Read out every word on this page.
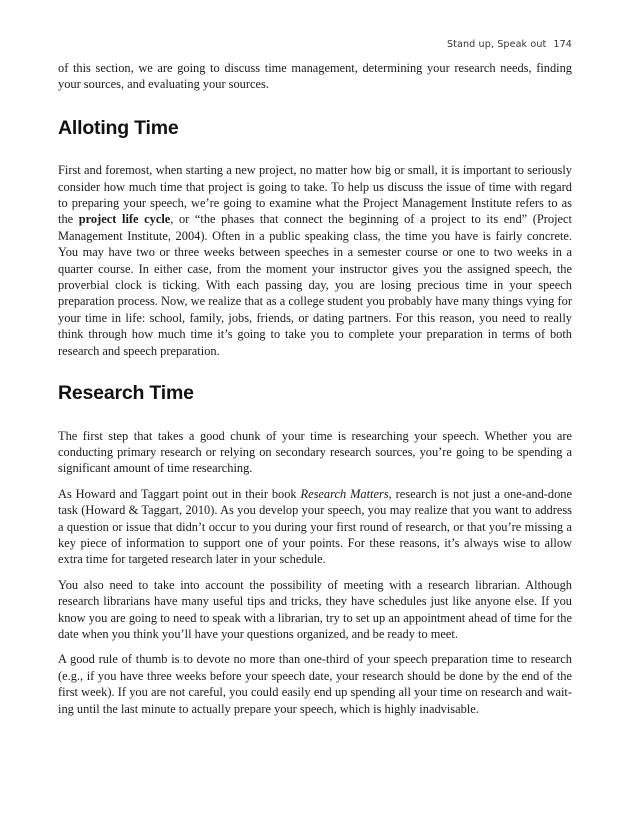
Stand up, Speak out 174

of this section, we are going to discuss time management, determining your research needs, finding your sources, and evaluating your sources.

Alloting Time

First and foremost, when starting a new project, no matter how big or small, it is important to seriously consider how much time that project is going to take. To help us discuss the issue of time with regard to preparing your speech, we’re going to examine what the Project Management Institute refers to as the project life cycle, or “the phases that connect the beginning of a project to its end” (Project Management Institute, 2004). Often in a public speaking class, the time you have is fairly concrete. You may have two or three weeks between speeches in a semester course or one to two weeks in a quarter course. In either case, from the moment your instructor gives you the assigned speech, the proverbial clock is ticking. With each passing day, you are losing precious time in your speech preparation process. Now, we realize that as a college student you probably have many things vying for your time in life: school, family, jobs, friends, or dating partners. For this reason, you need to really think through how much time it’s going to take you to complete your preparation in terms of both research and speech preparation.

Research Time

The first step that takes a good chunk of your time is researching your speech. Whether you are conducting primary research or relying on secondary research sources, you’re going to be spending a significant amount of time researching.

As Howard and Taggart point out in their book Research Matters, research is not just a one-and-done task (Howard & Taggart, 2010). As you develop your speech, you may realize that you want to address a question or issue that didn’t occur to you during your first round of research, or that you’re missing a key piece of information to support one of your points. For these reasons, it’s always wise to allow extra time for targeted research later in your schedule.

You also need to take into account the possibility of meeting with a research librarian. Although research librarians have many useful tips and tricks, they have schedules just like anyone else. If you know you are going to need to speak with a librarian, try to set up an appointment ahead of time for the date when you think you’ll have your questions organized, and be ready to meet.

A good rule of thumb is to devote no more than one-third of your speech preparation time to research (e.g., if you have three weeks before your speech date, your research should be done by the end of the first week). If you are not careful, you could easily end up spending all your time on research and waiting until the last minute to actually prepare your speech, which is highly inadvisable.
